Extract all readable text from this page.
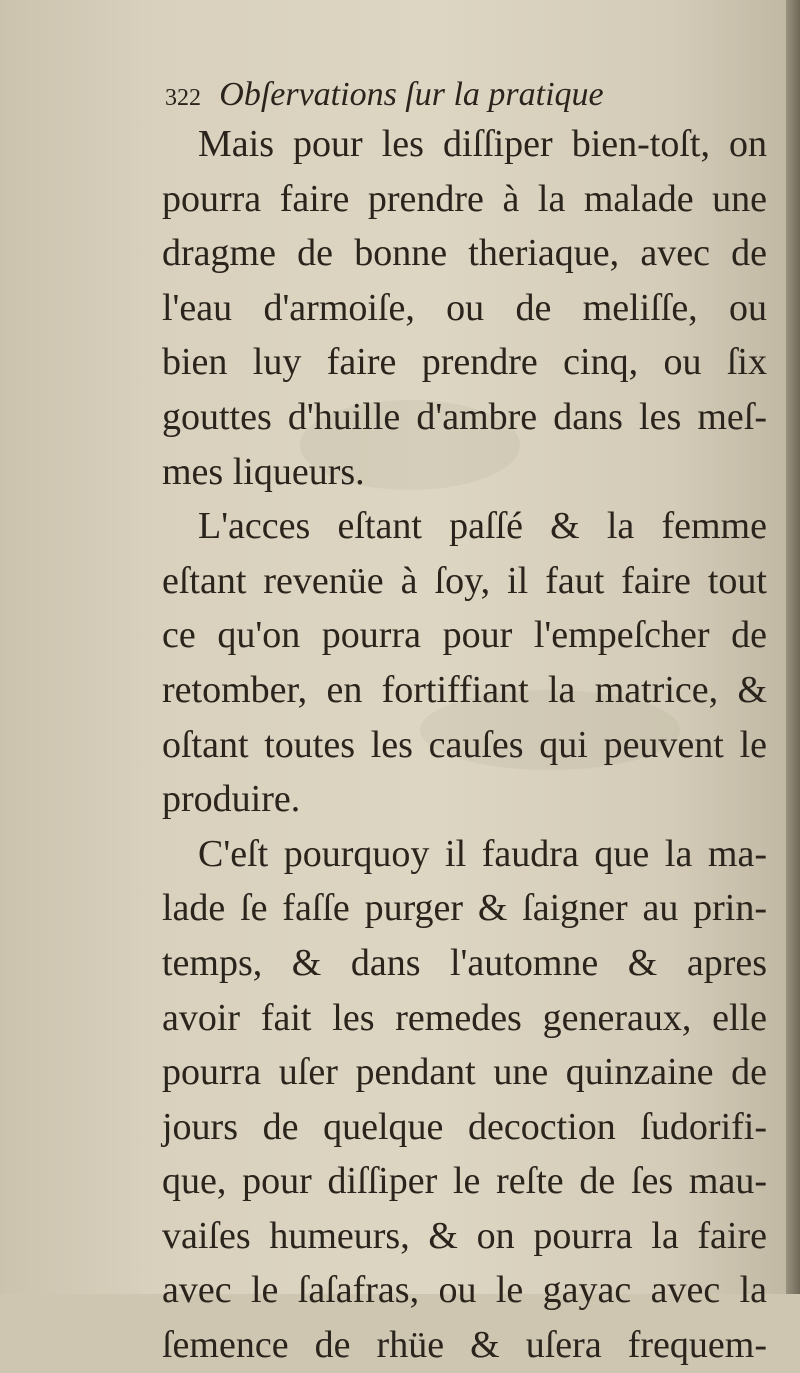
322 Obſervations ſur la pratique
Mais pour les diſſiper bien-toſt, on
pourra faire prendre à la malade une
dragme de bonne theriaque, avec de
l'eau d'armoiſe, ou de meliſſe, ou
bien luy faire prendre cinq, ou ſix
gouttes d'huille d'ambre dans les meſ-
mes liqueurs.
L'acces eſtant paſſé & la femme
eſtant revenüe à ſoy, il faut faire tout
ce qu'on pourra pour l'empeſcher de
retomber, en fortiffiant la matrice, &
oſtant toutes les cauſes qui peuvent le
produire.
C'eſt pourquoy il faudra que la ma-
lade ſe faſſe purger & ſaigner au prin-
temps, & dans l'automne & apres
avoir fait les remedes generaux, elle
pourra uſer pendant une quinzaine de
jours de quelque decoction ſudorifi-
que, pour diſſiper le reſte de ſes mau-
vaiſes humeurs, & on pourra la faire
avec le ſaſafras, ou le gayac avec la
ſemence de rhüe & uſera frequem-
